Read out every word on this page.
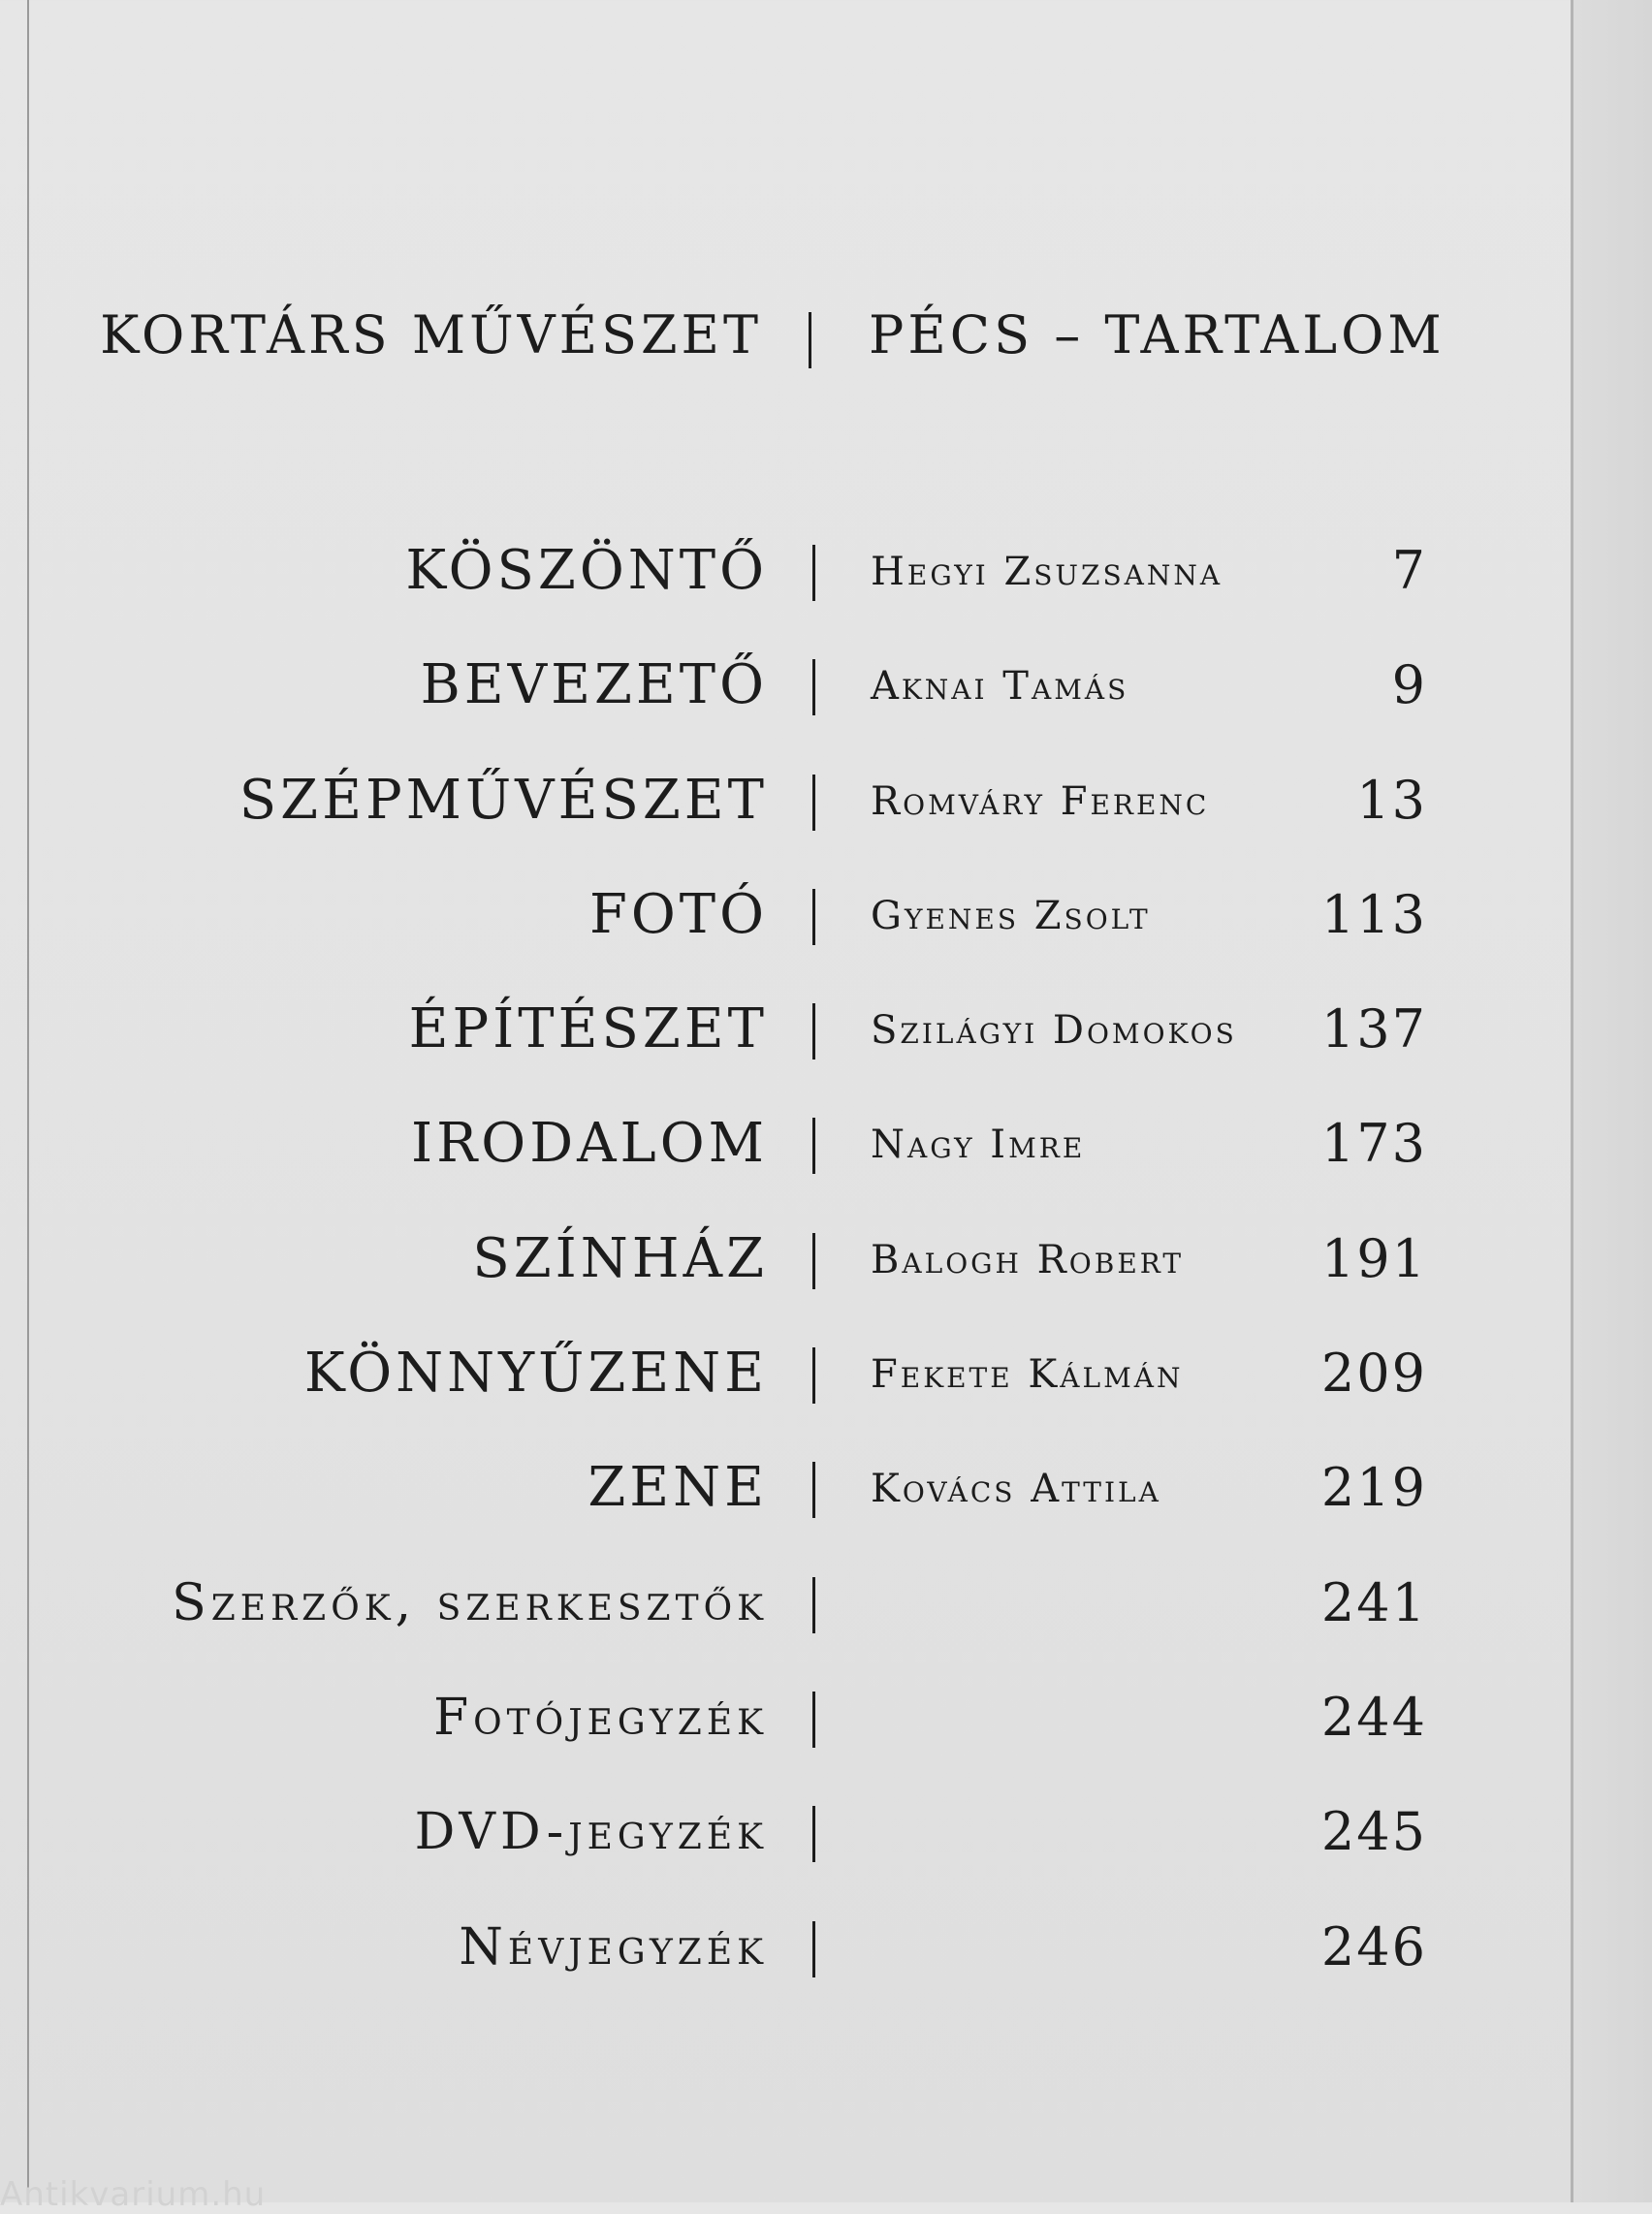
KORTÁRS MŰVÉSZET PÉCS – TARTALOM
KÖSZÖNTŐ	Hegyi Zsuzsanna	7
BEVEZETŐ	Aknai Tamás	9
SZÉPMŰVÉSZET	Romváry Ferenc	13
FOTÓ	Gyenes Zsolt	113
ÉPÍTÉSZET	Szilágyi Domokos 137
IRODALOM	Nagy Imre	173
SZÍNHÁZ	Balogh Robert	191
KÖNNYŰZENE	Fekete Kálmán	209
ZENE	Kovács Attila	219
Szerzők, szerkesztők	241
Fotójegyzék	244
DVD-jegyzék	245
Névjegyzék	246
Antikvarium.hu
